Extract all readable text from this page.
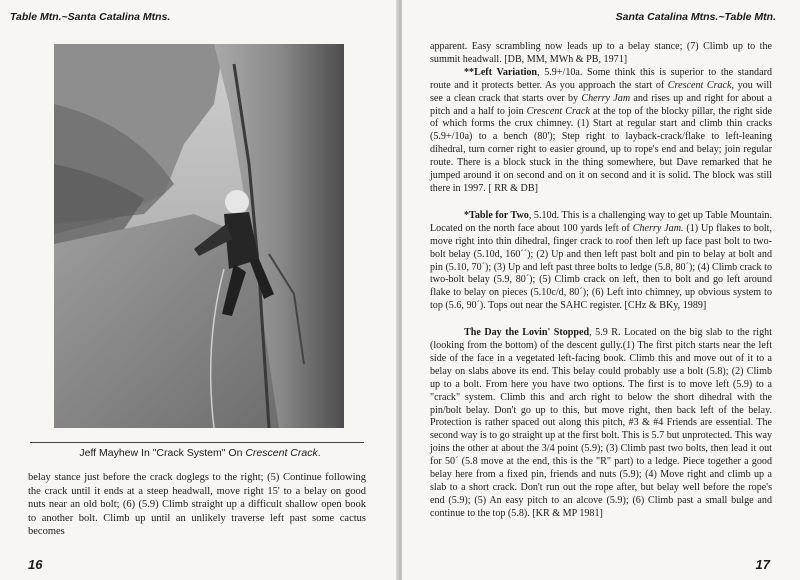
Table Mtn.~Santa Catalina Mtns.
Jeff Mayhew In "Crack System" On Crescent Crack.
belay stance just before the crack doglegs to the right; (5) Continue following the crack until it ends at a steep headwall, move right 15' to a belay on good nuts near an old bolt; (6) (5.9) Climb straight up a difficult shallow open book to another bolt. Climb up until an unlikely traverse left past some cactus becomes
16
Santa Catalina Mtns.~Table Mtn.

apparent. Easy scrambling now leads up to a belay stance; (7) Climb up to the summit headwall. [DB, MM, MWh & PB, 1971]

**Left Variation, 5.9+/10a. Some think this is superior to the standard route and it protects better. As you approach the start of Crescent Crack, you will see a clean crack that starts over by Cherry Jam and rises up and right for about a pitch and a half to join Crescent Crack at the top of the blocky pillar, the right side of which forms the crux chimney. (1) Start at regular start and climb thin cracks (5.9+/10a) to a bench (80'); Step right to layback-crack/flake to left-leaning dihedral, turn corner right to easier ground, up to rope's end and belay; join regular route. There is a block stuck in the thing somewhere, but Dave remarked that he jumped around it on second and on it on second and it is solid. The block was still there in 1997. [ RR & DB]

*Table for Two, 5.10d. This is a challenging way to get up Table Mountain. Located on the north face about 100 yards left of Cherry Jam. (1) Up flakes to bolt, move right into thin dihedral, finger crack to roof then left up face past bolt to two-bolt belay (5.10d, 160´´); (2) Up and then left past bolt and pin to belay at bolt and pin (5.10, 70´); (3) Up and left past three bolts to ledge (5.8, 80´); (4) Climb crack to two-bolt belay (5.9, 80´); (5) Climb crack on left, then to bolt and go left around flake to belay on pieces (5.10c/d, 80´); (6) Left into chimney, up obvious system to top (5.6, 90´). Tops out near the SAHC register. [CHz & BKy, 1989]

The Day the Lovin' Stopped, 5.9 R. Located on the big slab to the right (looking from the bottom) of the descent gully.(1) The first pitch starts near the left side of the face in a vegetated left-facing book. Climb this and move out of it to a belay on slabs above its end. This belay could probably use a bolt (5.8); (2) Climb up to a bolt. From here you have two options. The first is to move left (5.9) to a "crack" system. Climb this and arch right to below the short dihedral with the pin/bolt belay. Don't go up to this, but move right, then back left of the belay. Protection is rather spaced out along this pitch, #3 & #4 Friends are essential. The second way is to go straight up at the first bolt. This is 5.7 but unprotected. This way joins the other at about the 3/4 point (5.9); (3) Climb past two bolts, then lead it out for 50´ (5.8 move at the end, this is the "R" part) to a ledge. Piece together a good belay here from a fixed pin, friends and nuts (5.9); (4) Move right and climb up a slab to a short crack. Don't run out the rope after, but belay well before the rope's end (5.9); (5) An easy pitch to an alcove (5.9); (6) Climb past a small bulge and continue to the top (5.8). [KR & MP 1981]

17
